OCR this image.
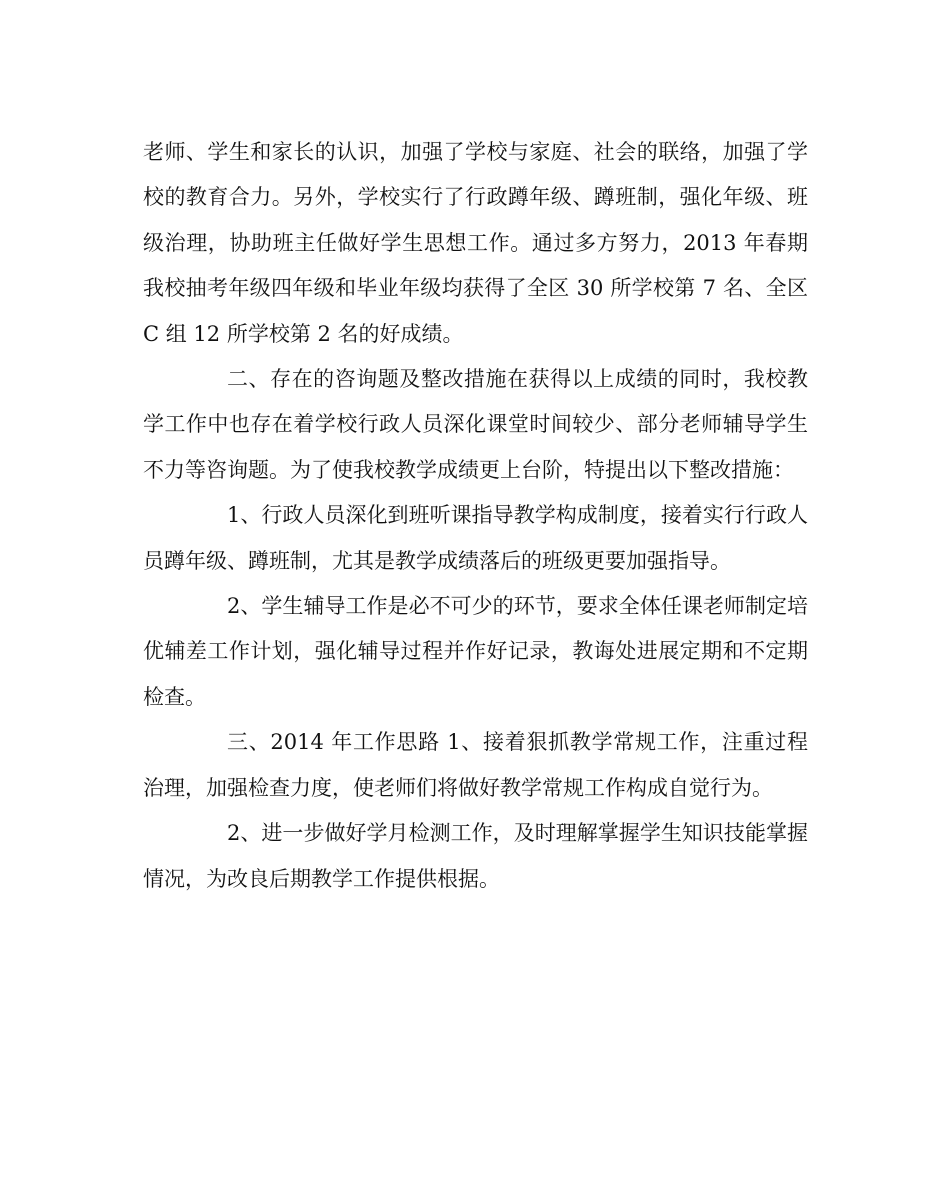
老师、学生和家长的认识，加强了学校与家庭、社会的联络，加强了学校的教育合力。另外，学校实行了行政蹲年级、蹲班制，强化年级、班级治理，协助班主任做好学生思想工作。通过多方努力，2013 年春期我校抽考年级四年级和毕业年级均获得了全区 30 所学校第 7 名、全区 C 组 12 所学校第 2 名的好成绩。

二、存在的咨询题及整改措施在获得以上成绩的同时，我校教学工作中也存在着学校行政人员深化课堂时间较少、部分老师辅导学生不力等咨询题。为了使我校教学成绩更上台阶，特提出以下整改措施：

1、行政人员深化到班听课指导教学构成制度，接着实行行政人员蹲年级、蹲班制，尤其是教学成绩落后的班级更要加强指导。

2、学生辅导工作是必不可少的环节，要求全体任课老师制定培优辅差工作计划，强化辅导过程并作好记录，教诲处进展定期和不定期检查。

三、2014 年工作思路 1、接着狠抓教学常规工作，注重过程治理，加强检查力度，使老师们将做好教学常规工作构成自觉行为。

2、进一步做好学月检测工作，及时理解掌握学生知识技能掌握情况，为改良后期教学工作提供根据。
